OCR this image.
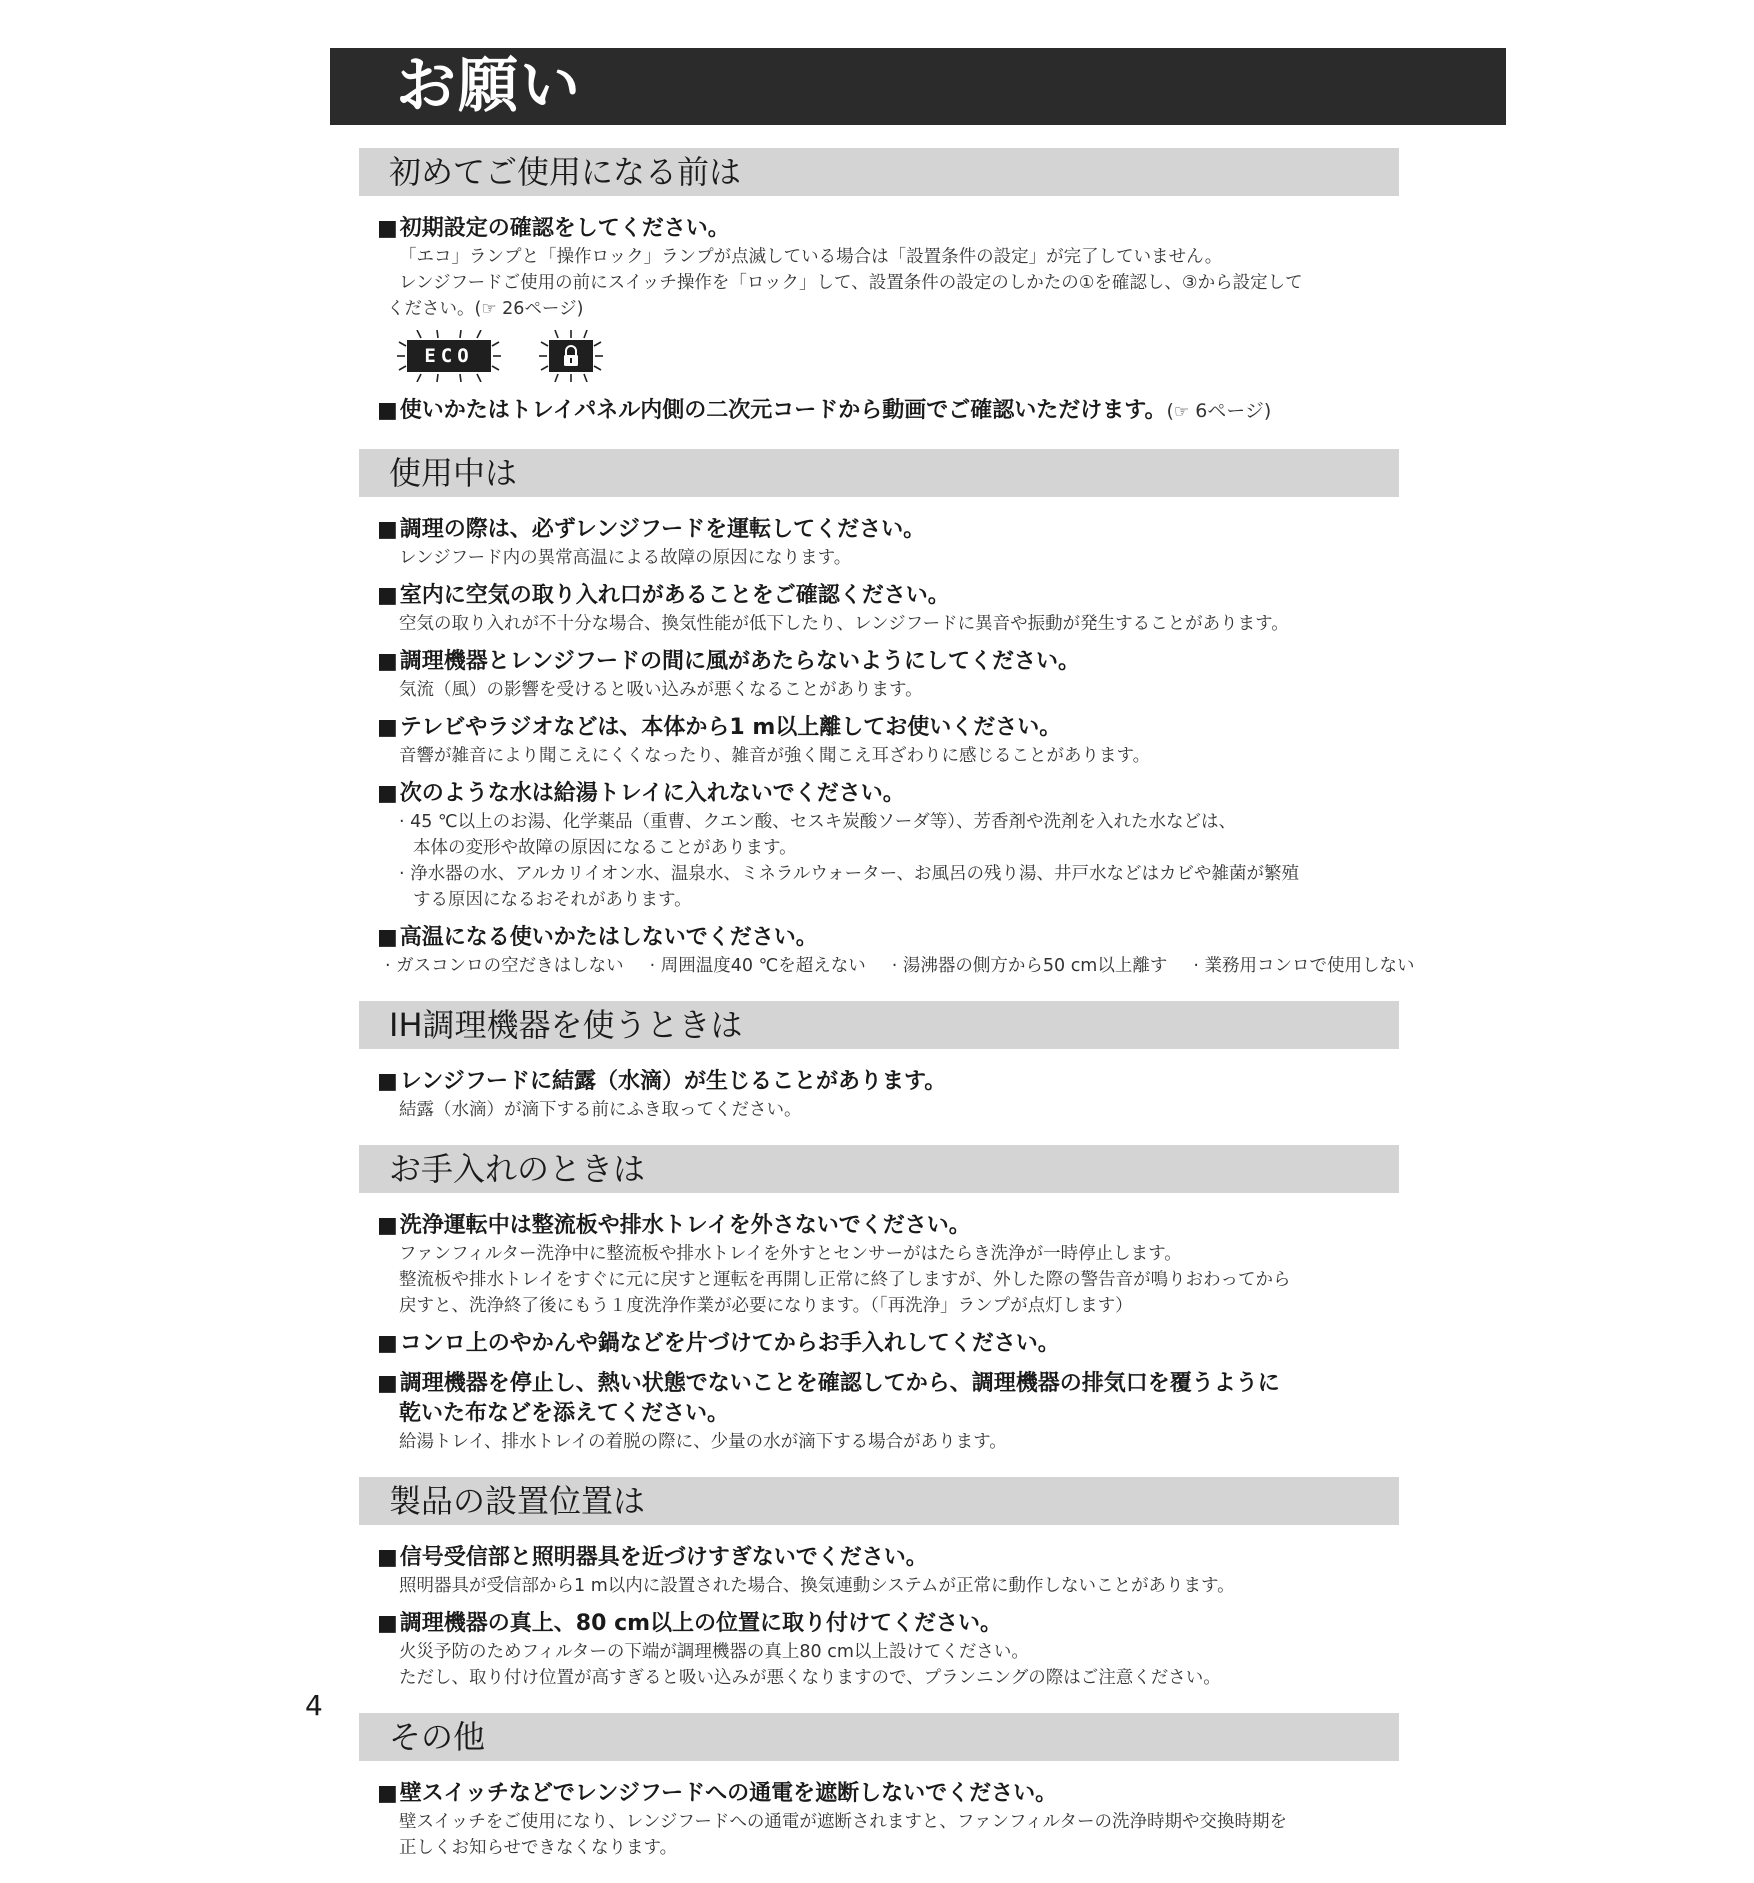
お願い
初めてご使用になる前は
■初期設定の確認をしてください。
「エコ」ランプと「操作ロック」ランプが点滅している場合は「設置条件の設定」が完了していません。
レンジフードご使用の前にスイッチ操作を「ロック」して、設置条件の設定のしかたの①を確認し、③から設定して
ください。(☞ 26ページ)
ECO
■使いかたはトレイパネル内側の二次元コードから動画でご確認いただけます。(☞ 6ページ)
使用中は
■調理の際は、必ずレンジフードを運転してください。
レンジフード内の異常高温による故障の原因になります。
■室内に空気の取り入れ口があることをご確認ください。
空気の取り入れが不十分な場合、換気性能が低下したり、レンジフードに異音や振動が発生することがあります。
■調理機器とレンジフードの間に風があたらないようにしてください。
気流（風）の影響を受けると吸い込みが悪くなることがあります。
■テレビやラジオなどは、本体から1 m以上離してお使いください。
音響が雑音により聞こえにくくなったり、雑音が強く聞こえ耳ざわりに感じることがあります。
■次のような水は給湯トレイに入れないでください。
· 45 ℃以上のお湯、化学薬品（重曹、クエン酸、セスキ炭酸ソーダ等）、芳香剤や洗剤を入れた水などは、
本体の変形や故障の原因になることがあります。
· 浄水器の水、アルカリイオン水、温泉水、ミネラルウォーター、お風呂の残り湯、井戸水などはカビや雑菌が繁殖
する原因になるおそれがあります。
■高温になる使いかたはしないでください。
· ガスコンロの空だきはしない · 周囲温度40 ℃を超えない · 湯沸器の側方から50 cm以上離す · 業務用コンロで使用しない
IH調理機器を使うときは
■レンジフードに結露（水滴）が生じることがあります。
結露（水滴）が滴下する前にふき取ってください。
お手入れのときは
■洗浄運転中は整流板や排水トレイを外さないでください。
ファンフィルター洗浄中に整流板や排水トレイを外すとセンサーがはたらき洗浄が一時停止します。
整流板や排水トレイをすぐに元に戻すと運転を再開し正常に終了しますが、外した際の警告音が鳴りおわってから
戻すと、洗浄終了後にもう１度洗浄作業が必要になります。（「再洗浄」ランプが点灯します）
■コンロ上のやかんや鍋などを片づけてからお手入れしてください。
■調理機器を停止し、熱い状態でないことを確認してから、調理機器の排気口を覆うように
乾いた布などを添えてください。
給湯トレイ、排水トレイの着脱の際に、少量の水が滴下する場合があります。
製品の設置位置は
■信号受信部と照明器具を近づけすぎないでください。
照明器具が受信部から1 m以内に設置された場合、換気連動システムが正常に動作しないことがあります。
■調理機器の真上、80 cm以上の位置に取り付けてください。
火災予防のためフィルターの下端が調理機器の真上80 cm以上設けてください。
ただし、取り付け位置が高すぎると吸い込みが悪くなりますので、プランニングの際はご注意ください。
その他
■壁スイッチなどでレンジフードへの通電を遮断しないでください。
壁スイッチをご使用になり、レンジフードへの通電が遮断されますと、ファンフィルターの洗浄時期や交換時期を
正しくお知らせできなくなります。
4
